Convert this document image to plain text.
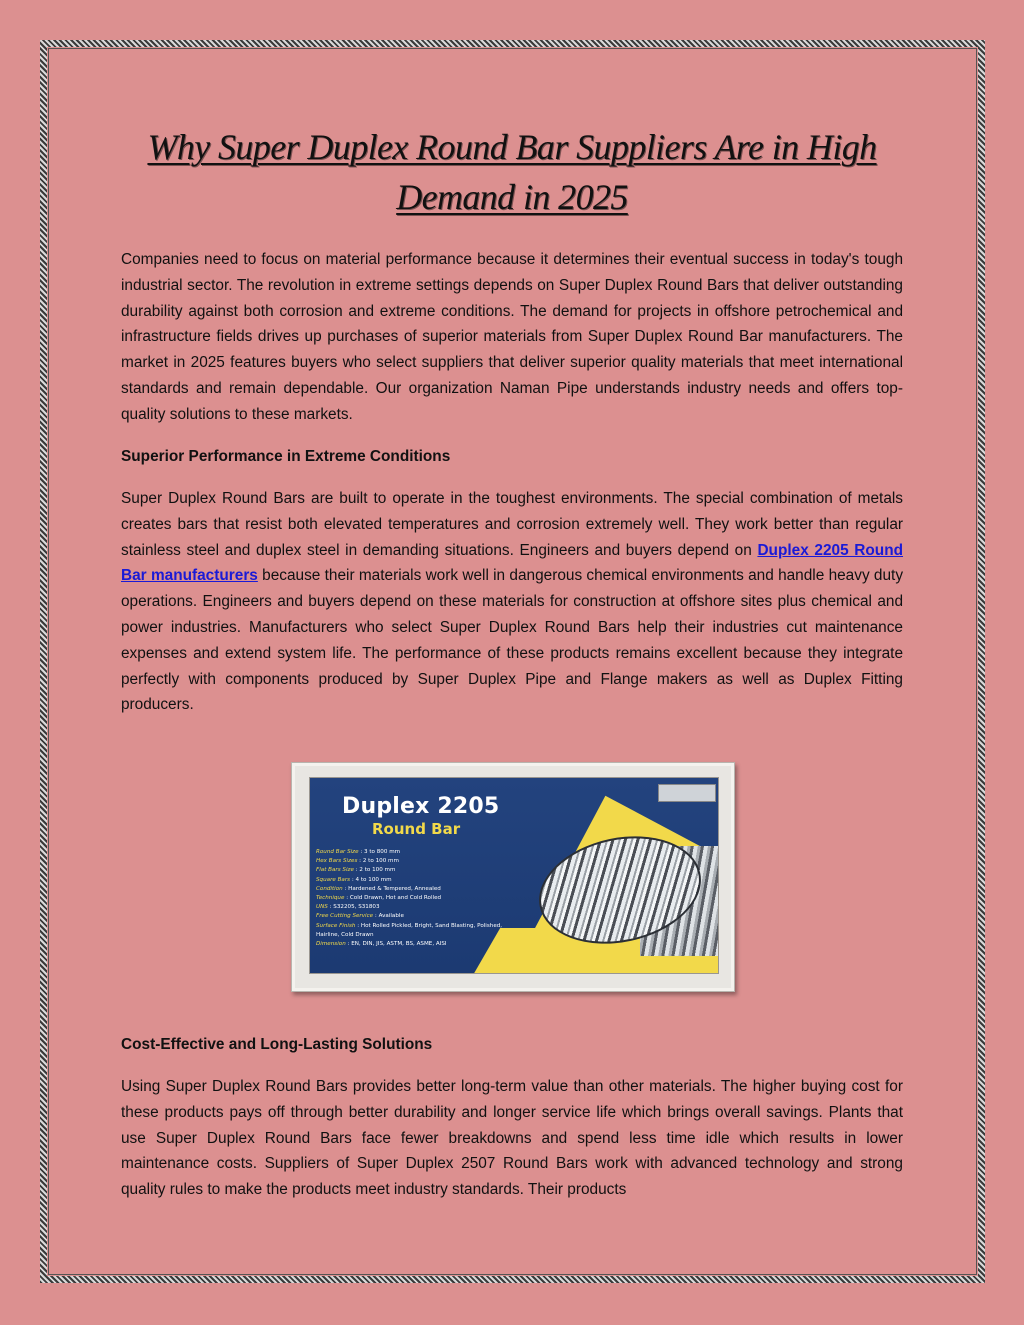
Why Super Duplex Round Bar Suppliers Are in High Demand in 2025

Companies need to focus on material performance because it determines their eventual success in today's tough industrial sector. The revolution in extreme settings depends on Super Duplex Round Bars that deliver outstanding durability against both corrosion and extreme conditions. The demand for projects in offshore petrochemical and infrastructure fields drives up purchases of superior materials from Super Duplex Round Bar manufacturers. The market in 2025 features buyers who select suppliers that deliver superior quality materials that meet international standards and remain dependable. Our organization Naman Pipe understands industry needs and offers top-quality solutions to these markets.

Superior Performance in Extreme Conditions

Super Duplex Round Bars are built to operate in the toughest environments. The special combination of metals creates bars that resist both elevated temperatures and corrosion extremely well. They work better than regular stainless steel and duplex steel in demanding situations. Engineers and buyers depend on Duplex 2205 Round Bar manufacturers because their materials work well in dangerous chemical environments and handle heavy duty operations. Engineers and buyers depend on these materials for construction at offshore sites plus chemical and power industries. Manufacturers who select Super Duplex Round Bars help their industries cut maintenance expenses and extend system life. The performance of these products remains excellent because they integrate perfectly with components produced by Super Duplex Pipe and Flange makers as well as Duplex Fitting producers.

Duplex 2205
Round Bar
Round Bar Size : 3 to 800 mm
Hex Bars Sizes : 2 to 100 mm
Flat Bars Size : 2 to 100 mm
Square Bars : 4 to 100 mm
Condition : Hardened & Tempered, Annealed
Technique : Cold Drawn, Hot and Cold Rolled
UNS : S32205, S31803
Free Cutting Service : Available
Surface Finish : Hot Rolled Pickled, Bright, Sand Blasting, Polished, Hairline, Cold Drawn
Dimension : EN, DIN, JIS, ASTM, BS, ASME, AISI

Cost-Effective and Long-Lasting Solutions

Using Super Duplex Round Bars provides better long-term value than other materials. The higher buying cost for these products pays off through better durability and longer service life which brings overall savings. Plants that use Super Duplex Round Bars face fewer breakdowns and spend less time idle which results in lower maintenance costs. Suppliers of Super Duplex 2507 Round Bars work with advanced technology and strong quality rules to make the products meet industry standards. Their products
